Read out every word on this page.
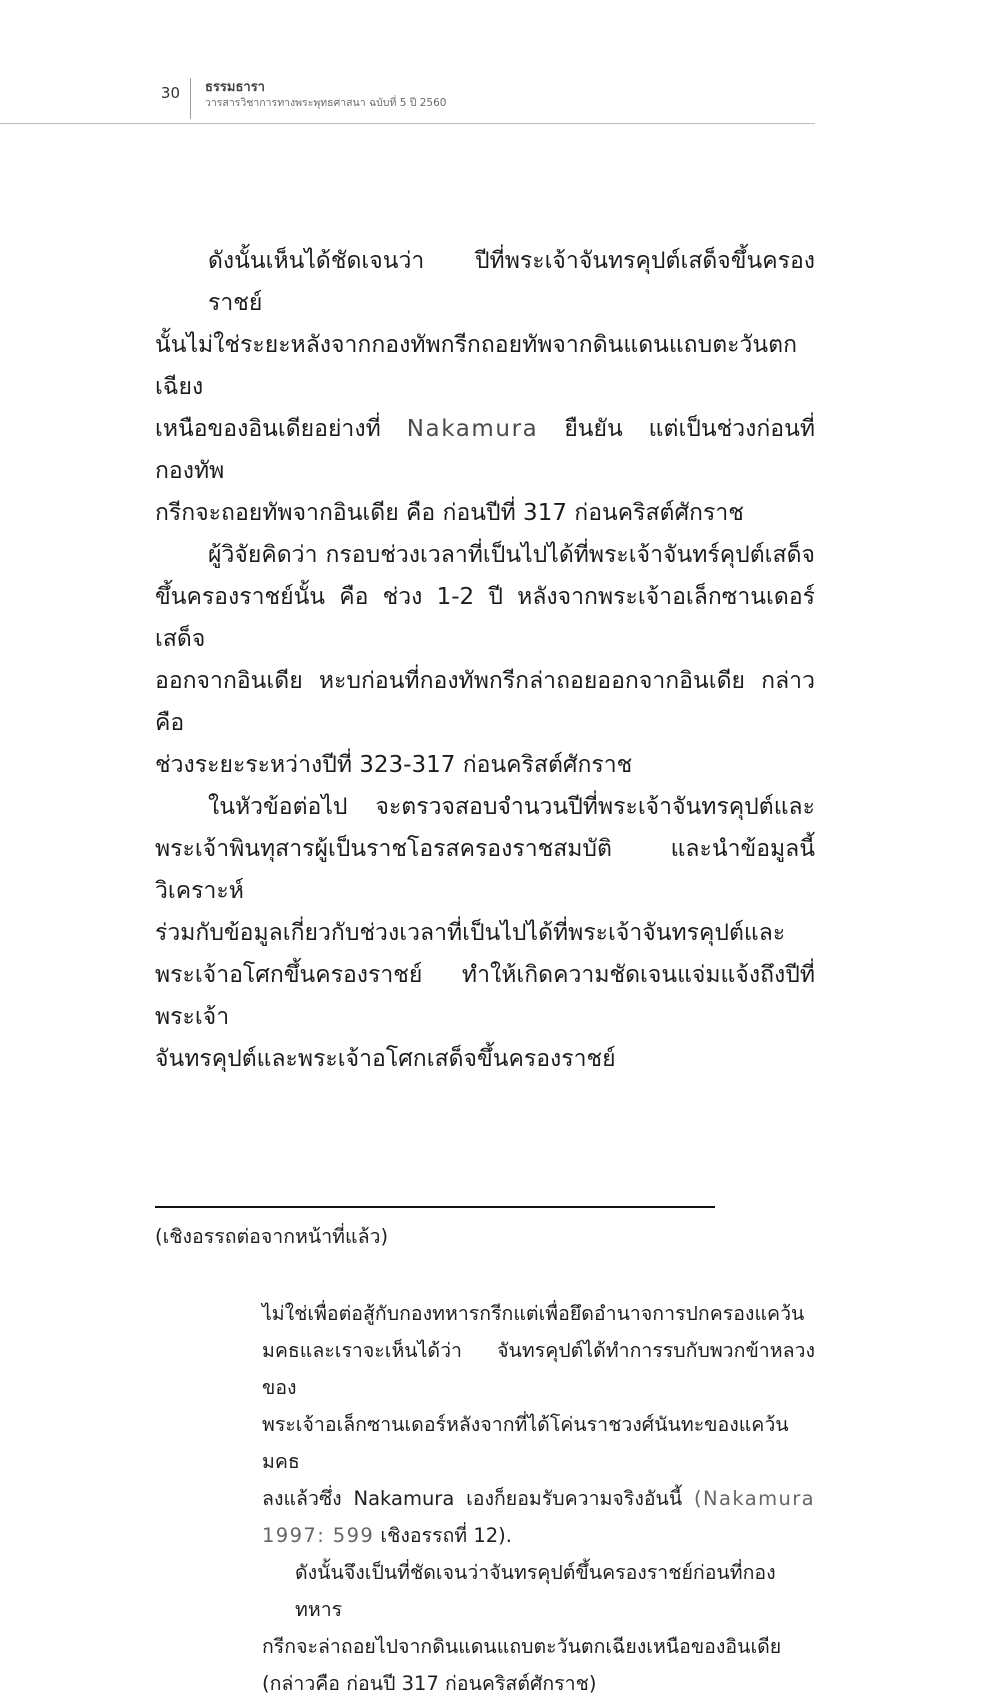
30 ธรรมธารา
วารสารวิชาการทางพระพุทธศาสนา ฉบับที่ 5 ปี 2560
ดังนั้นเห็นได้ชัดเจนว่า ปีที่พระเจ้าจันทรคุปต์เสด็จขึ้นครองราชย์
นั้นไม่ใช่ระยะหลังจากกองทัพกรีกถอยทัพจากดินแดนแถบตะวันตกเฉียง
เหนือของอินเดียอย่างที่ Nakamura ยืนยัน แต่เป็นช่วงก่อนที่กองทัพ
กรีกจะถอยทัพจากอินเดีย คือ ก่อนปีที่ 317 ก่อนคริสต์ศักราช
ผู้วิจัยคิดว่า กรอบช่วงเวลาที่เป็นไปได้ที่พระเจ้าจันทร์คุปต์เสด็จ
ขึ้นครองราชย์นั้น คือ ช่วง 1-2 ปี หลังจากพระเจ้าอเล็กซานเดอร์เสด็จ
ออกจากอินเดีย หะบก่อนที่กองทัพกรีกล่าถอยออกจากอินเดีย กล่าวคือ
ช่วงระยะระหว่างปีที่ 323-317 ก่อนคริสต์ศักราช
ในหัวข้อต่อไป จะตรวจสอบจำนวนปีที่พระเจ้าจันทรคุปต์และ
พระเจ้าพินทุสารผู้เป็นราชโอรสครองราชสมบัติ และนำข้อมูลนี้วิเคราะห์
ร่วมกับข้อมูลเกี่ยวกับช่วงเวลาที่เป็นไปได้ที่พระเจ้าจันทรคุปต์และ
พระเจ้าอโศกขึ้นครองราชย์ ทำให้เกิดความชัดเจนแจ่มแจ้งถึงปีที่พระเจ้า
จันทรคุปต์และพระเจ้าอโศกเสด็จขึ้นครองราชย์
(เชิงอรรถต่อจากหน้าที่แล้ว)
ไม่ใช่เพื่อต่อสู้กับกองทหารกรีกแต่เพื่อยึดอำนาจการปกครองแคว้น
มคธและเราจะเห็นได้ว่า จันทรคุปต์ได้ทำการรบกับพวกข้าหลวงของ
พระเจ้าอเล็กซานเดอร์หลังจากที่ได้โค่นราชวงศ์นันทะของแคว้นมคธ
ลงแล้วซึ่ง Nakamura เองก็ยอมรับความจริงอันนี้ (Nakamura
1997: 599 เชิงอรรถที่ 12).
ดังนั้นจึงเป็นที่ชัดเจนว่าจันทรคุปต์ขึ้นครองราชย์ก่อนที่กองทหาร
กรีกจะล่าถอยไปจากดินแดนแถบตะวันตกเฉียงเหนือของอินเดีย
(กล่าวคือ ก่อนปี 317 ก่อนคริสต์ศักราช)
